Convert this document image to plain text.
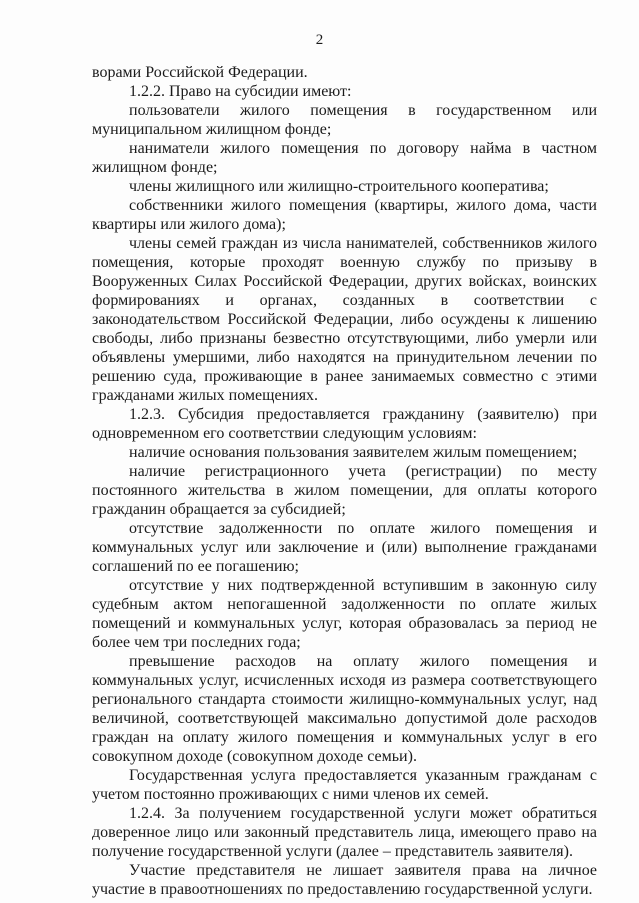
2

ворами Российской Федерации.

1.2.2. Право на субсидии имеют:

пользователи жилого помещения в государственном или муниципальном жилищном фонде;

наниматели жилого помещения по договору найма в частном жилищном фонде;

члены жилищного или жилищно-строительного кооператива;

собственники жилого помещения (квартиры, жилого дома, части квартиры или жилого дома);

члены семей граждан из числа нанимателей, собственников жилого помещения, которые проходят военную службу по призыву в Вооруженных Силах Российской Федерации, других войсках, воинских формированиях и органах, созданных в соответствии с законодательством Российской Федерации, либо осуждены к лишению свободы, либо признаны безвестно отсутствующими, либо умерли или объявлены умершими, либо находятся на принудительном лечении по решению суда, проживающие в ранее занимаемых совместно с этими гражданами жилых помещениях.

1.2.3. Субсидия предоставляется гражданину (заявителю) при одновременном его соответствии следующим условиям:

наличие основания пользования заявителем жилым помещением;

наличие регистрационного учета (регистрации) по месту постоянного жительства в жилом помещении, для оплаты которого гражданин обращается за субсидией;

отсутствие задолженности по оплате жилого помещения и коммунальных услуг или заключение и (или) выполнение гражданами соглашений по ее погашению;

отсутствие у них подтвержденной вступившим в законную силу судебным актом непогашенной задолженности по оплате жилых помещений и коммунальных услуг, которая образовалась за период не более чем три последних года;

превышение расходов на оплату жилого помещения и коммунальных услуг, исчисленных исходя из размера соответствующего регионального стандарта стоимости жилищно-коммунальных услуг, над величиной, соответствующей максимально допустимой доле расходов граждан на оплату жилого помещения и коммунальных услуг в его совокупном доходе (совокупном доходе семьи).

Государственная услуга предоставляется указанным гражданам с учетом постоянно проживающих с ними членов их семей.

1.2.4. За получением государственной услуги может обратиться доверенное лицо или законный представитель лица, имеющего право на получение государственной услуги (далее – представитель заявителя).

Участие представителя не лишает заявителя права на личное участие в правоотношениях по предоставлению государственной услуги.
